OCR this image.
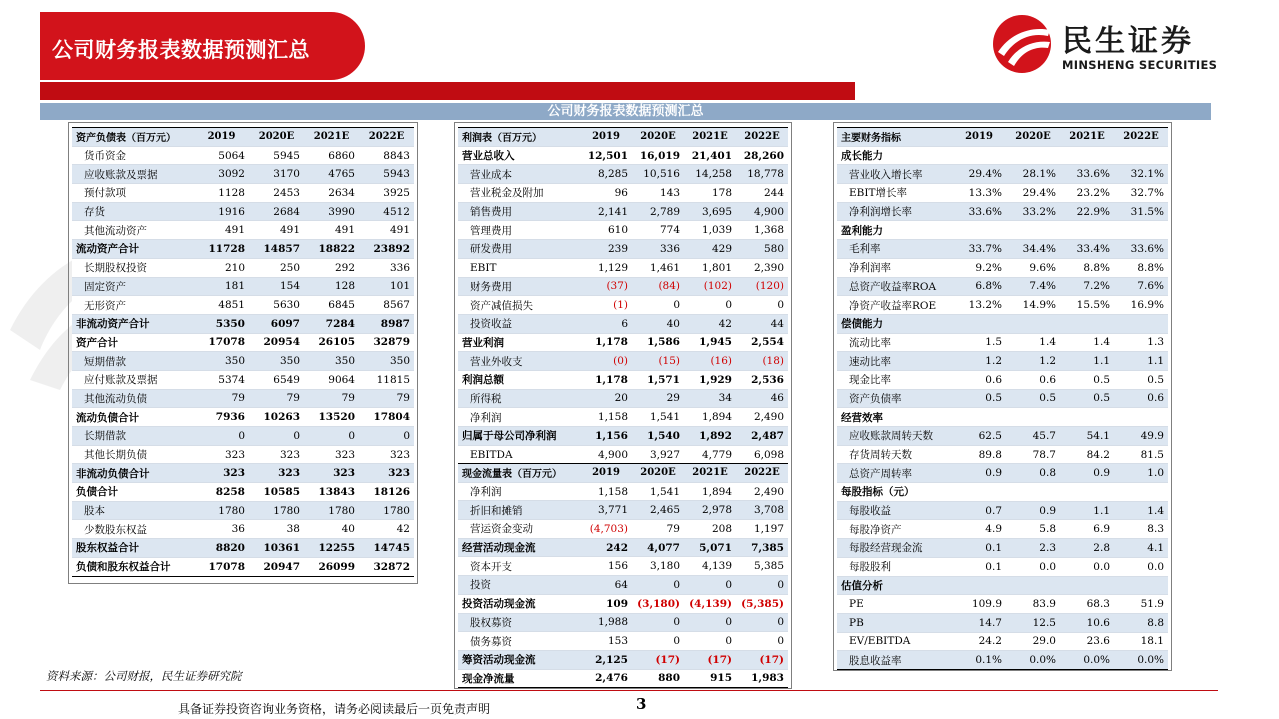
公司财务报表数据预测汇总	民生证券
MINSHENG SECURITIES
公司财务报表数据预测汇总
资产负债表（百万元）	2019	2020E	2021E	2022E
货币资金	5064	5945	6860	8843
应收账款及票据	3092	3170	4765	5943
预付款项	1128	2453	2634	3925
存货	1916	2684	3990	4512
其他流动资产	491	491	491	491
流动资产合计	11728	14857	18822	23892
长期股权投资	210	250	292	336
固定资产	181	154	128	101
无形资产	4851	5630	6845	8567
非流动资产合计	5350	6097	7284	8987
资产合计	17078	20954	26105	32879
短期借款	350	350	350	350
应付账款及票据	5374	6549	9064	11815
其他流动负债	79	79	79	79
流动负债合计	7936	10263	13520	17804
长期借款	0	0	0	0
其他长期负债	323	323	323	323
非流动负债合计	323	323	323	323
负债合计	8258	10585	13843	18126
股本	1780	1780	1780	1780
少数股东权益	36	38	40	42
股东权益合计	8820	10361	12255	14745
负债和股东权益合计	17078	20947	26099	32872
利润表（百万元）	2019	2020E	2021E	2022E
营业总收入	12,501	16,019	21,401	28,260
营业成本	8,285	10,516	14,258	18,778
营业税金及附加	96	143	178	244
销售费用	2,141	2,789	3,695	4,900
管理费用	610	774	1,039	1,368
研发费用	239	336	429	580
EBIT	1,129	1,461	1,801	2,390
财务费用	(37)	(84)	(102)	(120)
资产减值损失	(1)	0	0	0
投资收益	6	40	42	44
营业利润	1,178	1,586	1,945	2,554
营业外收支	(0)	(15)	(16)	(18)
利润总额	1,178	1,571	1,929	2,536
所得税	20	29	34	46
净利润	1,158	1,541	1,894	2,490
归属于母公司净利润	1,156	1,540	1,892	2,487
EBITDA	4,900	3,927	4,779	6,098
现金流量表（百万元）	2019	2020E	2021E	2022E
净利润	1,158	1,541	1,894	2,490
折旧和摊销	3,771	2,465	2,978	3,708
营运资金变动	(4,703)	79	208	1,197
经营活动现金流	242	4,077	5,071	7,385
资本开支	156	3,180	4,139	5,385
投资	64	0	0	0
投资活动现金流	109	(3,180)	(4,139)	(5,385)
股权募资	1,988	0	0	0
债务募资	153	0	0	0
筹资活动现金流	2,125	(17)	(17)	(17)
现金净流量	2,476	880	915	1,983
主要财务指标	2019	2020E	2021E	2022E
成长能力				
营业收入增长率	29.4%	28.1%	33.6%	32.1%
EBIT增长率	13.3%	29.4%	23.2%	32.7%
净利润增长率	33.6%	33.2%	22.9%	31.5%
盈利能力				
毛利率	33.7%	34.4%	33.4%	33.6%
净利润率	9.2%	9.6%	8.8%	8.8%
总资产收益率ROA	6.8%	7.4%	7.2%	7.6%
净资产收益率ROE	13.2%	14.9%	15.5%	16.9%
偿债能力				
流动比率	1.5	1.4	1.4	1.3
速动比率	1.2	1.2	1.1	1.1
现金比率	0.6	0.6	0.5	0.5
资产负债率	0.5	0.5	0.5	0.6
经营效率				
应收账款周转天数	62.5	45.7	54.1	49.9
存货周转天数	89.8	78.7	84.2	81.5
总资产周转率	0.9	0.8	0.9	1.0
每股指标（元）				
每股收益	0.7	0.9	1.1	1.4
每股净资产	4.9	5.8	6.9	8.3
每股经营现金流	0.1	2.3	2.8	4.1
每股股利	0.1	0.0	0.0	0.0
估值分析				
PE	109.9	83.9	68.3	51.9
PB	14.7	12.5	10.6	8.8
EV/EBITDA	24.2	29.0	23.6	18.1
股息收益率	0.1%	0.0%	0.0%	0.0%
资料来源：公司财报，民生证券研究院
具备证券投资咨询业务资格，请务必阅读最后一页免责声明	3
